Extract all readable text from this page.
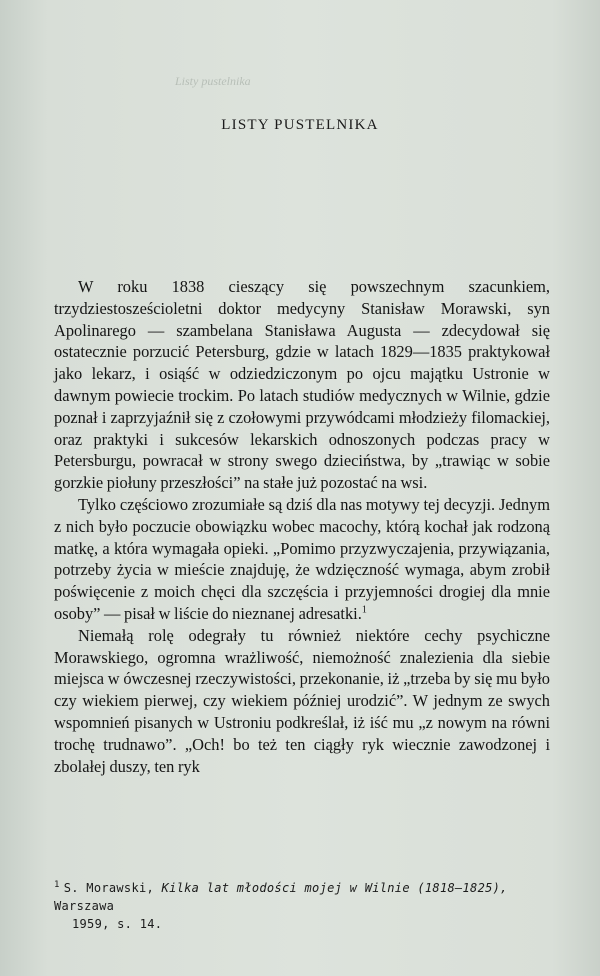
Listy pustelnika
LISTY PUSTELNIKA

W roku 1838 cieszący się powszechnym szacunkiem, trzydziestosześcioletni doktor medycyny Stanisław Morawski, syn Apolinarego — szambelana Stanisława Augusta — zdecydował się ostatecznie porzucić Petersburg, gdzie w latach 1829—1835 praktykował jako lekarz, i osiąść w odziedziczonym po ojcu majątku Ustronie w dawnym powiecie trockim. Po latach studiów medycznych w Wilnie, gdzie poznał i zaprzyjaźnił się z czołowymi przywódcami młodzieży filomackiej, oraz praktyki i sukcesów lekarskich odnoszonych podczas pracy w Petersburgu, powracał w strony swego dzieciństwa, by „trawiąc w sobie gorzkie piołuny przeszłości” na stałe już pozostać na wsi.

Tylko częściowo zrozumiałe są dziś dla nas motywy tej decyzji. Jednym z nich było poczucie obowiązku wobec macochy, którą kochał jak rodzoną matkę, a która wymagała opieki. „Pomimo przyzwyczajenia, przywiązania, potrzeby życia w mieście znajduję, że wdzięczność wymaga, abym zrobił poświęcenie z moich chęci dla szczęścia i przyjemności drogiej dla mnie osoby” — pisał w liście do nieznanej adresatki.$^1$

Niemałą rolę odegrały tu również niektóre cechy psychiczne Morawskiego, ogromna wrażliwość, niemożność znalezienia dla siebie miejsca w ówczesnej rzeczywistości, przekonanie, iż „trzeba by się mu było czy wiekiem pierwej, czy wiekiem później urodzić”. W jednym ze swych wspomnień pisanych w Ustroniu podkreślał, iż iść mu „z nowym na równi trochę trudnawo”. „Och! bo też ten ciągły ryk wiecznie zawodzonej i zbolałej duszy, ten ryk

$^1$ S. Morawski, Kilka lat młodości mojej w Wilnie (1818—1825), Warszawa
1959, s. 14.
